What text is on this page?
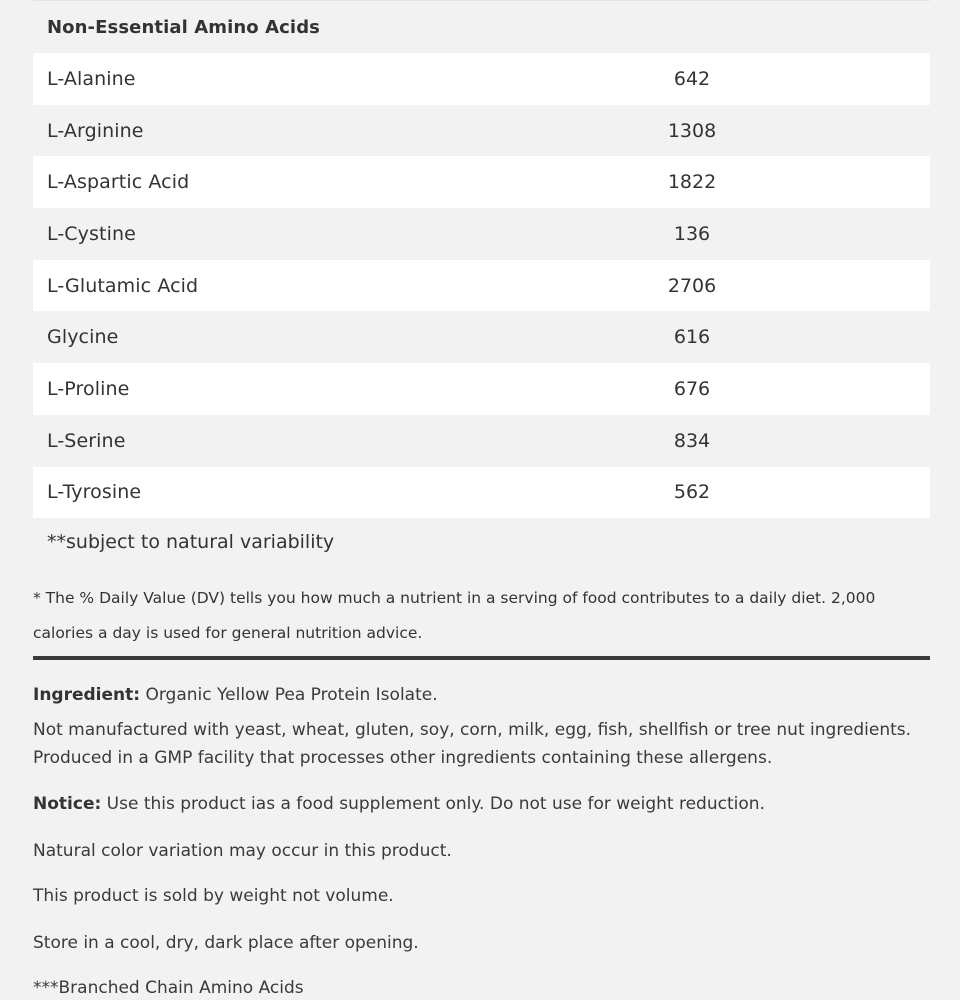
Non-Essential Amino Acids
L-Alanine	642
L-Arginine	1308
L-Aspartic Acid	1822
L-Cystine	136
L-Glutamic Acid	2706
Glycine	616
L-Proline	676
L-Serine	834
L-Tyrosine	562
**subject to natural variability
* The % Daily Value (DV) tells you how much a nutrient in a serving of food contributes to a daily diet. 2,000 calories a day is used for general nutrition advice.
Ingredient: Organic Yellow Pea Protein Isolate.
Not manufactured with yeast, wheat, gluten, soy, corn, milk, egg, fish, shellfish or tree nut ingredients. Produced in a GMP facility that processes other ingredients containing these allergens.
Notice: Use this product ias a food supplement only. Do not use for weight reduction.
Natural color variation may occur in this product.
This product is sold by weight not volume.
Store in a cool, dry, dark place after opening.
***Branched Chain Amino Acids
